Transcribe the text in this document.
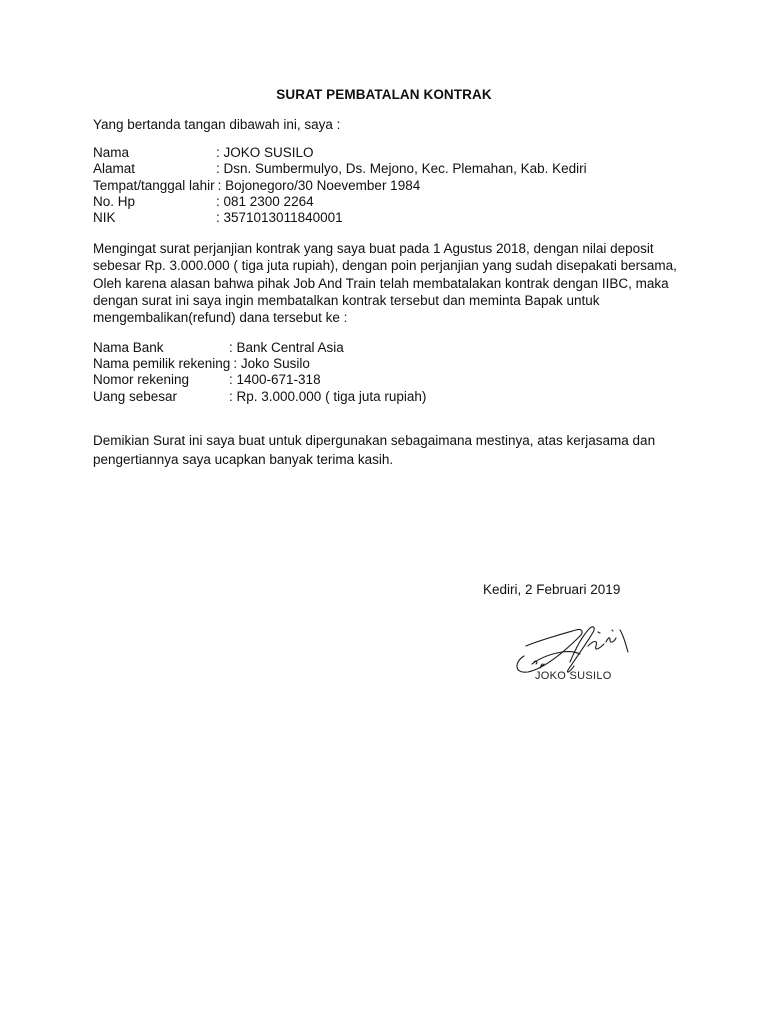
SURAT PEMBATALAN KONTRAK
Yang bertanda tangan dibawah ini, saya :
Nama	: JOKO SUSILO
Alamat	: Dsn. Sumbermulyo, Ds. Mejono, Kec. Plemahan, Kab. Kediri
Tempat/tanggal lahir : Bojonegoro/30 Noevember 1984
No. Hp	: 081 2300 2264
NIK	: 3571013011840001
Mengingat surat perjanjian kontrak yang saya buat pada 1 Agustus 2018, dengan nilai deposit
sebesar Rp. 3.000.000 ( tiga juta rupiah), dengan poin perjanjian yang sudah disepakati bersama,
Oleh karena alasan bahwa pihak Job And Train telah membatalakan kontrak dengan IIBC, maka
dengan surat ini saya ingin membatalkan kontrak tersebut dan meminta Bapak untuk
mengembalikan(refund) dana tersebut ke :
Nama Bank	: Bank Central Asia
Nama pemilik rekening : Joko Susilo
Nomor rekening	: 1400-671-318
Uang sebesar	: Rp. 3.000.000 ( tiga juta rupiah)
Demikian Surat ini saya buat untuk dipergunakan sebagaimana mestinya, atas kerjasama dan
pengertiannya saya ucapkan banyak terima kasih.
Kediri, 2 Februari 2019
JOKO SUSILO
